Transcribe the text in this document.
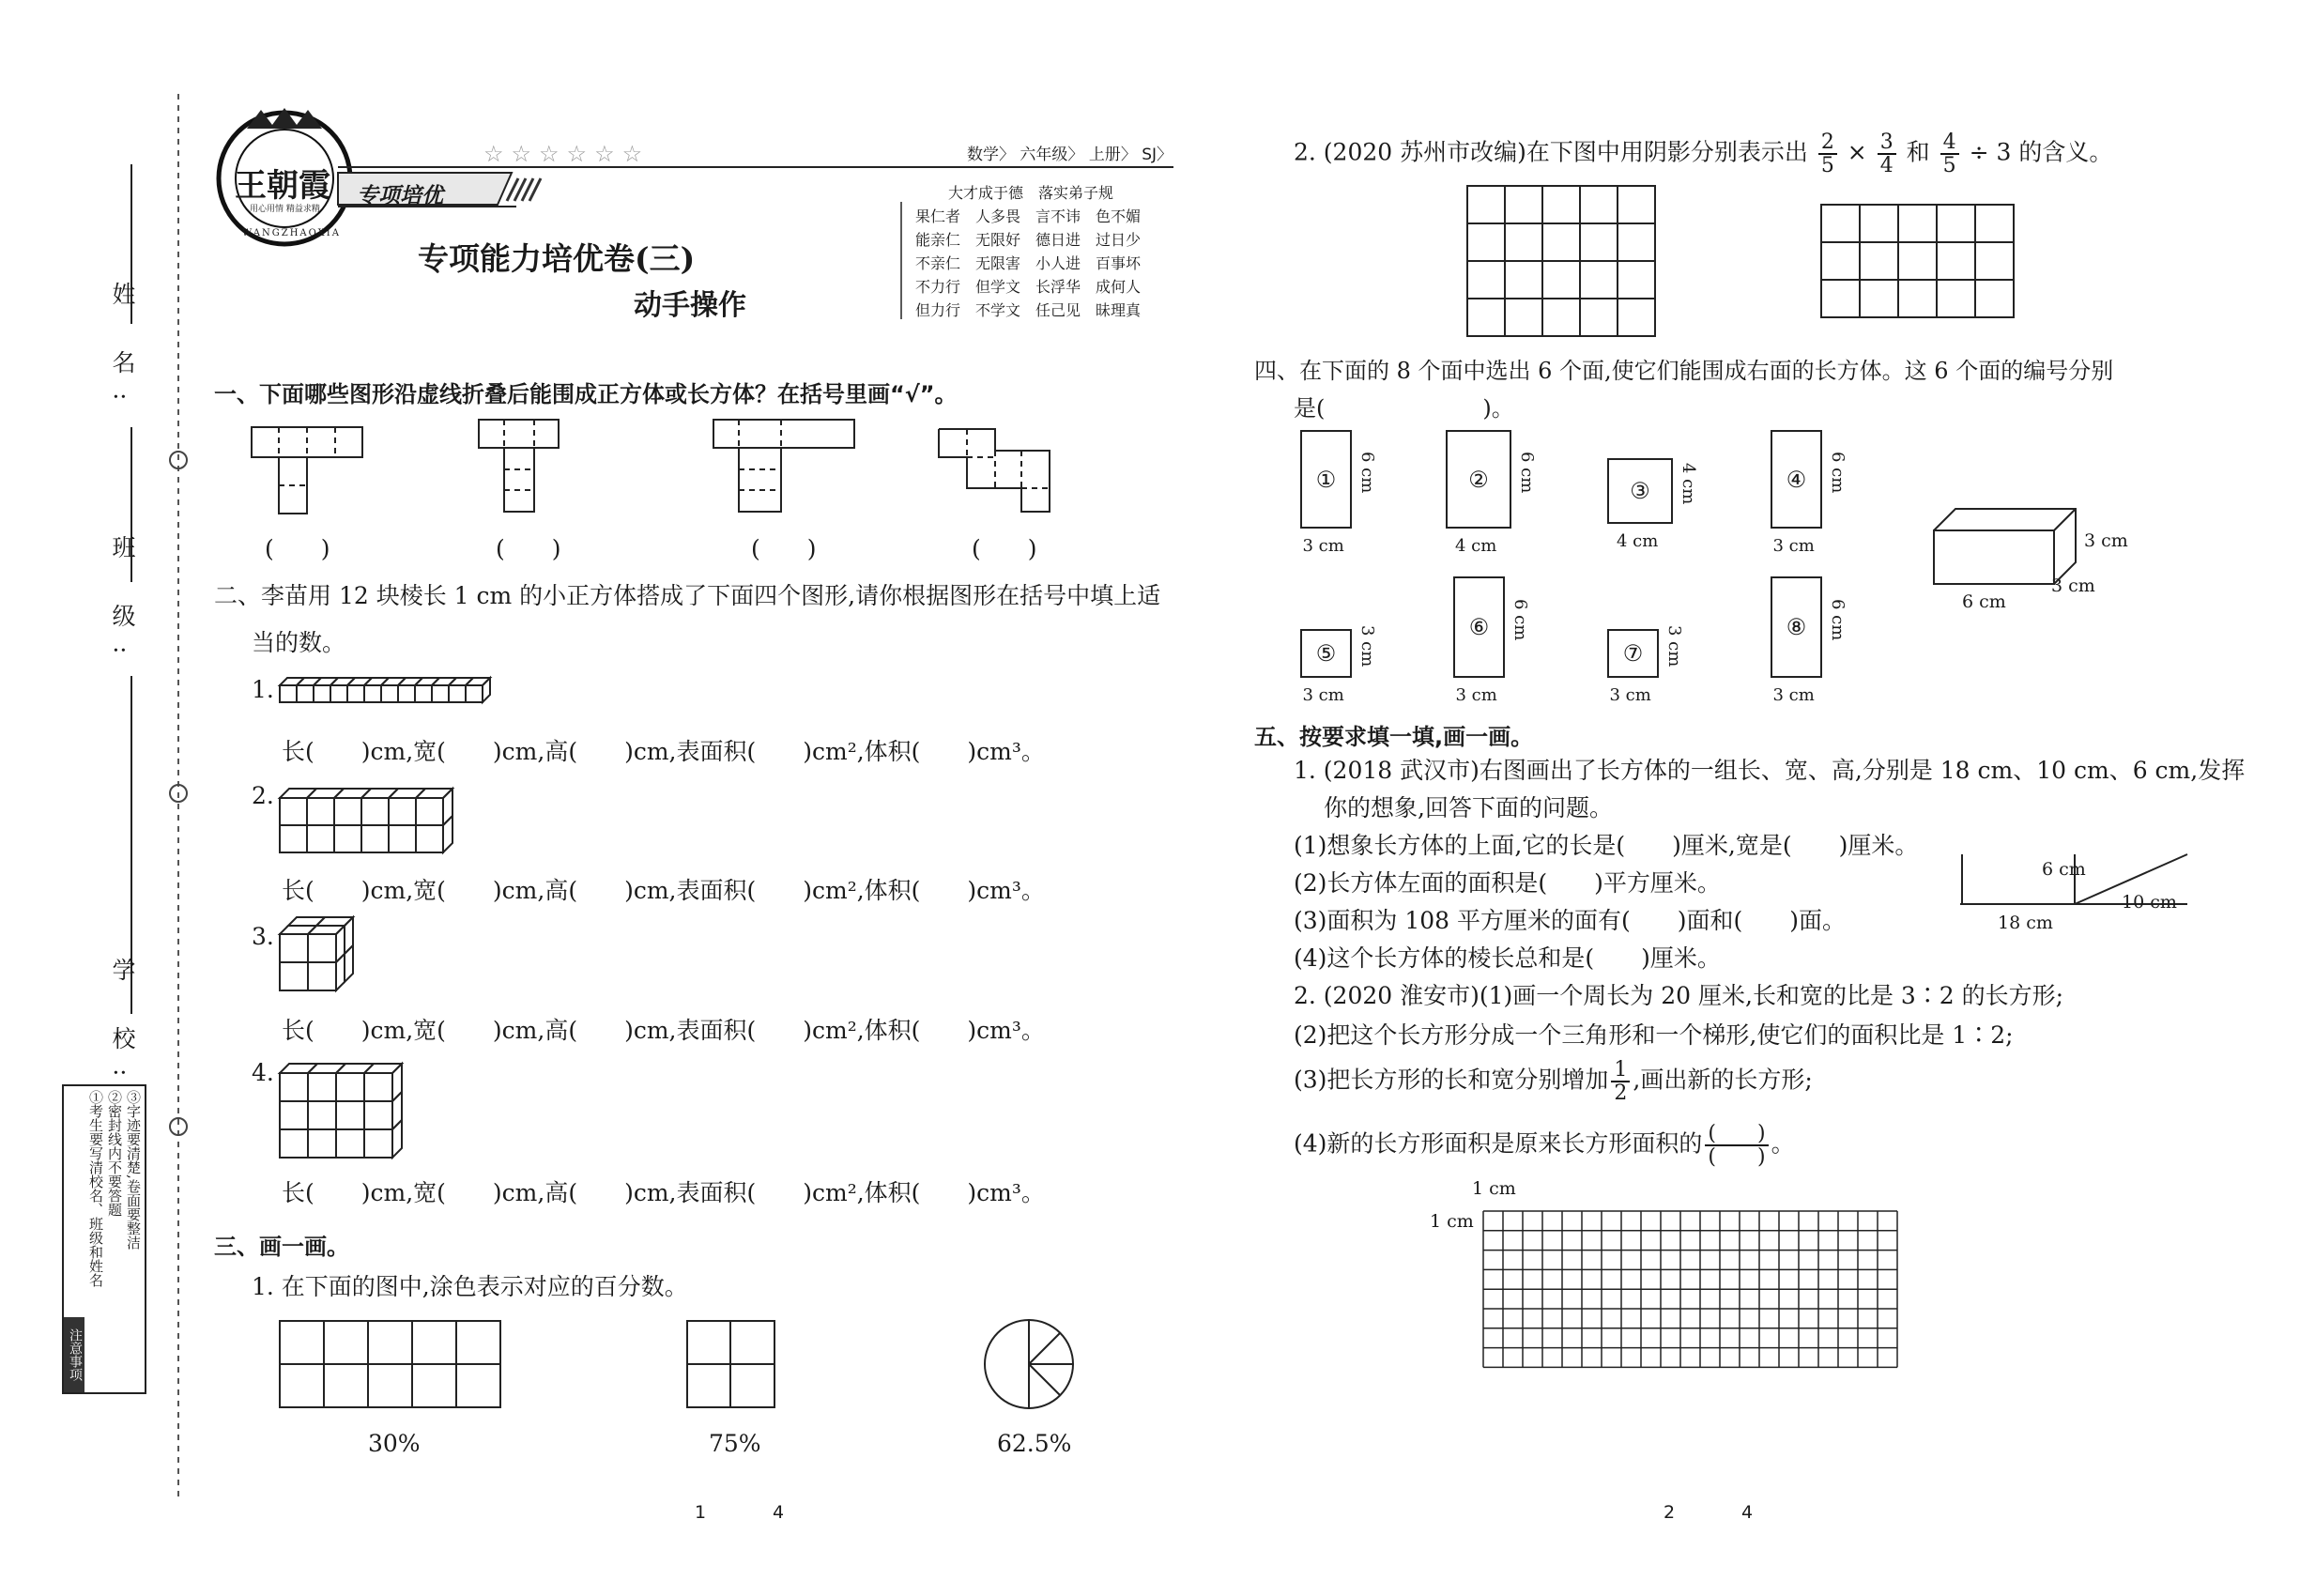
姓 名:
班 级:
学 校:
注意事项
①考生要写清校名、班级和姓名 ②密封线内不要答题 ③字迹要清楚,卷面要整洁
王朝霞
WANGZHAOXIA
用心用情 精益求精
☆☆☆☆☆☆	数学〉 六年级〉 上册〉 SJ〉
专项培优
专项能力培优卷(三)
动手操作
大才成于德　落实弟子规
果仁者　人多畏　言不讳　色不媚
能亲仁　无限好　德日进　过日少
不亲仁　无限害　小人进　百事坏
不力行　但学文　长浮华　成何人
但力行　不学文　任己见　昧理真
一、下面哪些图形沿虚线折叠后能围成正方体或长方体？在括号里画“√”。
(　　)	(　　)	(　　)	(　　)
二、李苗用 12 块棱长 1 cm 的小正方体搭成了下面四个图形,请你根据图形在括号中填上适
当的数。
1.
2.
3.
4.
长(　　)cm,宽(　　)cm,高(　　)cm,表面积(　　)cm²,体积(　　)cm³。
长(　　)cm,宽(　　)cm,高(　　)cm,表面积(　　)cm²,体积(　　)cm³。
长(　　)cm,宽(　　)cm,高(　　)cm,表面积(　　)cm²,体积(　　)cm³。
长(　　)cm,宽(　　)cm,高(　　)cm,表面积(　　)cm²,体积(　　)cm³。
三、画一画。
1. 在下面的图中,涂色表示对应的百分数。
30%	75%	62.5%
1	4
2. (2020 苏州市改编)在下图中用阴影分别表示出 $\frac{2}{5} \times \frac{3}{4}$ 和 $\frac{4}{5} \div 3$ 的含义。
四、在下面的 8 个面中选出 6 个面,使它们能围成右面的长方体。这 6 个面的编号分别
是(　　　　　　　)。
①	6 cm
3 cm
②	6 cm
4 cm
③	4 cm
4 cm
④	6 cm
3 cm
⑤	3 cm
3 cm
⑥	6 cm
3 cm
⑦	3 cm
3 cm
⑧	6 cm
3 cm
3 cm
3 cm
6 cm
五、按要求填一填,画一画。
1. (2018 武汉市)右图画出了长方体的一组长、宽、高,分别是 18 cm、10 cm、6 cm,发挥
你的想象,回答下面的问题。
(1)想象长方体的上面,它的长是(　　)厘米,宽是(　　)厘米。
(2)长方体左面的面积是(　　)平方厘米。
(3)面积为 108 平方厘米的面有(　　)面和(　　)面。
(4)这个长方体的棱长总和是(　　)厘米。
2. (2020 淮安市)(1)画一个周长为 20 厘米,长和宽的比是 3∶2 的长方形;
(2)把这个长方形分成一个三角形和一个梯形,使它们的面积比是 1∶2;
(3)把长方形的长和宽分别增加 $\frac{1}{2}$ ,画出新的长方形;
(4)新的长方形面积是原来长方形面积的 $\frac{( )}{( )}$ 。
6 cm
18 cm
10 cm
1 cm
1 cm
2	4
